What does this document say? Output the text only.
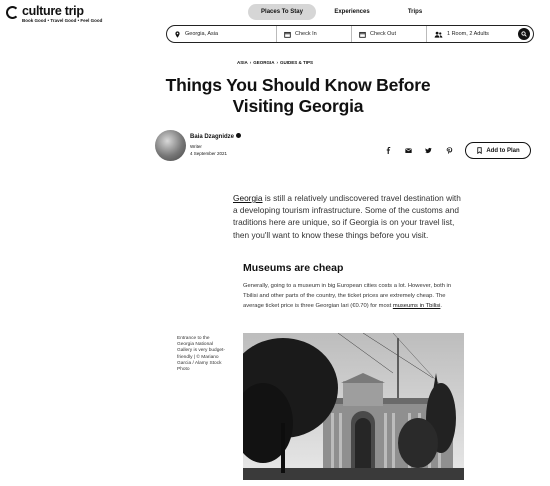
culture trip
Book Good • Travel Good • Feel Good
Places To Stay	Experiences	Trips
Georgia, Asia	Check In	Check Out	1 Room, 2 Adults
ASIA › GEORGIA › GUIDES & TIPS
Things You Should Know Before Visiting Georgia
Baia Dzagnidze
Writer
4 September 2021	Add to Plan

Georgia is still a relatively undiscovered travel destination with a developing tourism infrastructure. Some of the customs and traditions here are unique, so if Georgia is on your travel list, then you'll want to know these things before you visit.

Museums are cheap

Generally, going to a museum in big European cities costs a lot. However, both in Tbilisi and other parts of the country, the ticket prices are extremely cheap. The average ticket price is three Georgian lari (€0.70) for most museums in Tbilisi.

Entrance to the Georgia National Gallery is very budget-friendly | © Mariano Garcia / Alamy Stock Photo
